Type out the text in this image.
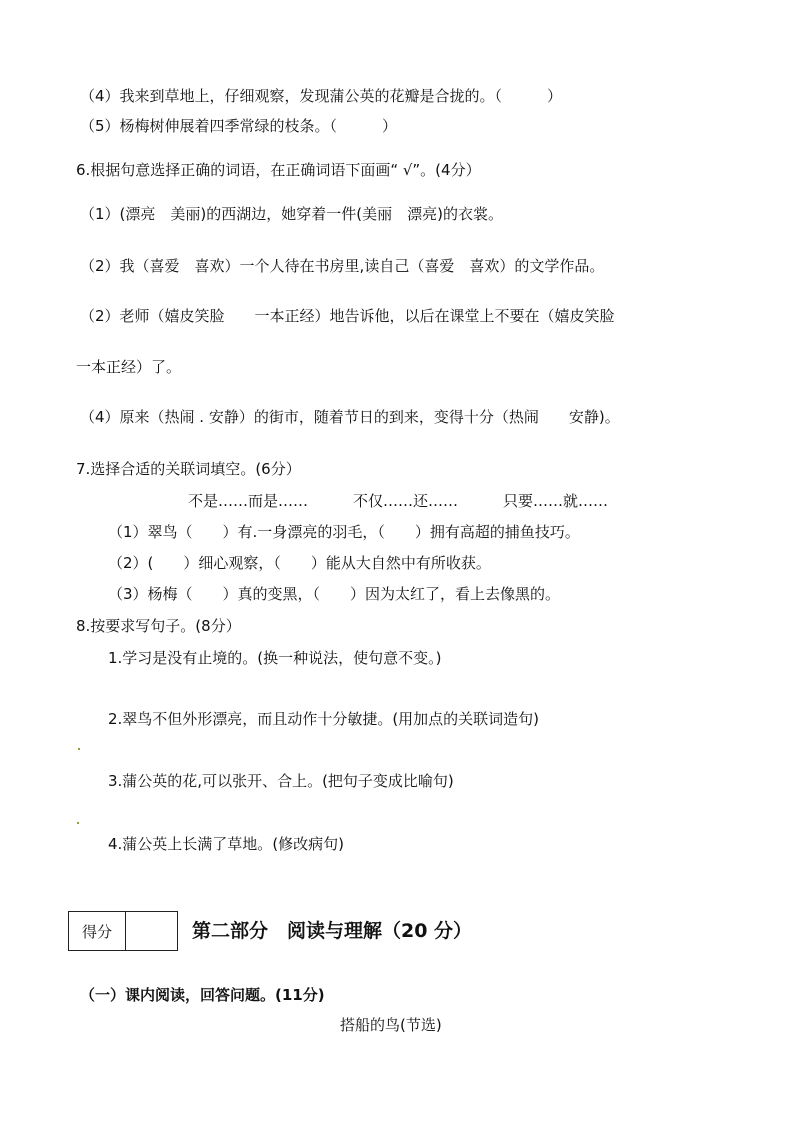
（4）我来到草地上，仔细观察，发现蒲公英的花瓣是合拢的。（　　　）
（5）杨梅树伸展着四季常绿的枝条。（　　　）
6.根据句意选择正确的词语，在正确词语下面画“ √”。(4分）
（1）(漂亮　美丽)的西湖边，她穿着一件(美丽　漂亮)的衣裳。
（2）我（喜爱　喜欢）一个人待在书房里,读自己（喜爱　喜欢）的文学作品。
（2）老师（嬉皮笑脸　　一本正经）地告诉他，以后在课堂上不要在（嬉皮笑脸
一本正经）了。
（4）原来（热闹 . 安静）的街市，随着节日的到来，变得十分（热闹　　安静)。
7.选择合适的关联词填空。(6分）
不是……而是……　　　不仅……还……　　　只要……就……
（1）翠鸟（　　）有.一身漂亮的羽毛，（　　）拥有高超的捕鱼技巧。
（2）(　　）细心观察，（　　）能从大自然中有所收获。
（3）杨梅（　　）真的变黑，（　　）因为太红了，看上去像黑的。
8.按要求写句子。(8分）
1.学习是没有止境的。(换一种说法，使句意不变。)
2.翠鸟不但外形漂亮，而且动作十分敏捷。(用加点的关联词造句)
3.蒲公英的花,可以张开、合上。(把句子变成比喻句)
4.蒲公英上长满了草地。(修改病句)
得分	第二部分　阅读与理解（20 分）
（一）课内阅读，回答问题。(11分)
搭船的鸟(节选)
